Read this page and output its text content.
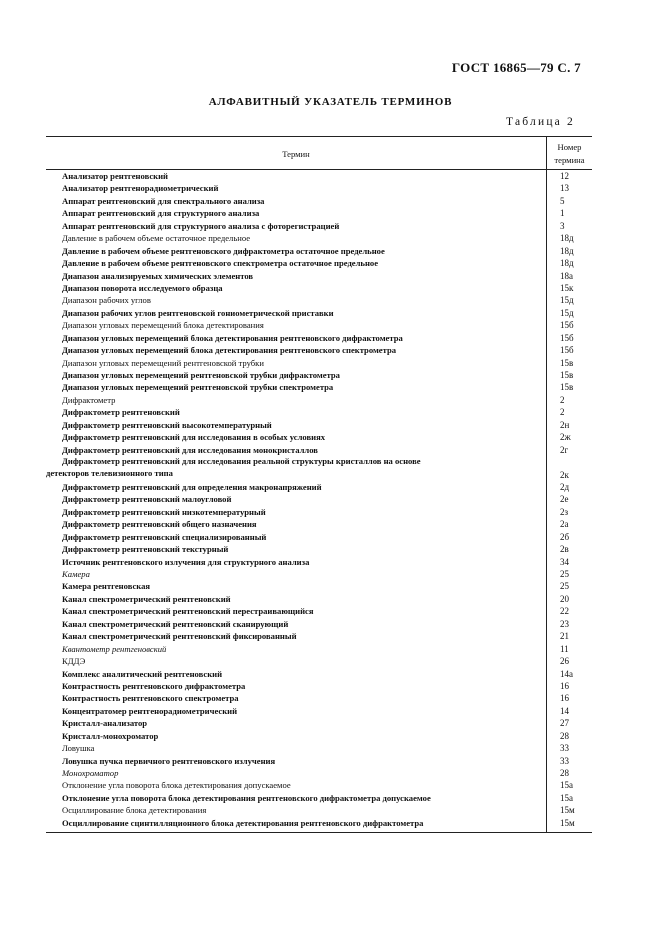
ГОСТ 16865—79 С. 7
АЛФАВИТНЫЙ УКАЗАТЕЛЬ ТЕРМИНОВ
Таблица 2
Термин
Номер
термина
Анализатор рентгеновский	12
Анализатор рентгенорадиометрический	13
Аппарат рентгеновский для спектрального анализа	5
Аппарат рентгеновский для структурного анализа	1
Аппарат рентгеновский для структурного анализа с фоторегистрацией	3
Давление в рабочем объеме остаточное предельное	18д
Давление в рабочем объеме рентгеновского дифрактометра остаточное предельное	18д
Давление в рабочем объеме рентгеновского спектрометра остаточное предельное	18д
Диапазон анализируемых химических элементов	18а
Диапазон поворота исследуемого образца	15к
Диапазон рабочих углов	15д
Диапазон рабочих углов рентгеновской гониометрической приставки	15д
Диапазон угловых перемещений блока детектирования	15б
Диапазон угловых перемещений блока детектирования рентгеновского дифрактометра	15б
Диапазон угловых перемещений блока детектирования рентгеновского спектрометра	15б
Диапазон угловых перемещений рентгеновской трубки	15в
Диапазон угловых перемещений рентгеновской трубки дифрактометра	15в
Диапазон угловых перемещений рентгеновской трубки спектрометра	15в
Дифрактометр	2
Дифрактометр рентгеновский	2
Дифрактометр рентгеновский высокотемпературный	2н
Дифрактометр рентгеновский для исследования в особых условиях	2ж
Дифрактометр рентгеновский для исследования монокристаллов	2г
Дифрактометр рентгеновский для исследования реальной структуры кристаллов на основе
детекторов телевизионного типа	2к
Дифрактометр рентгеновский для определения макронапряжений	2д
Дифрактометр рентгеновский малоугловой	2е
Дифрактометр рентгеновский низкотемпературный	2з
Дифрактометр рентгеновский общего назначения	2а
Дифрактометр рентгеновский специализированный	2б
Дифрактометр рентгеновский текстурный	2в
Источник рентгеновского излучения для структурного анализа	34
Камера	25
Камера рентгеновская	25
Канал спектрометрический рентгеновский	20
Канал спектрометрический рентгеновский перестраивающийся	22
Канал спектрометрический рентгеновский сканирующий	23
Канал спектрометрический рентгеновский фиксированный	21
Квантометр рентгеновский	11
КДДЭ	26
Комплекс аналитический рентгеновский	14а
Контрастность рентгеновского дифрактометра	16
Контрастность рентгеновского спектрометра	16
Концентратомер рентгенорадиометрический	14
Кристалл-анализатор	27
Кристалл-монохроматор	28
Ловушка	33
Ловушка пучка первичного рентгеновского излучения	33
Монохроматор	28
Отклонение угла поворота блока детектирования допускаемое	15а
Отклонение угла поворота блока детектирования рентгеновского дифрактометра допускаемое	15а
Осциллирование блока детектирования	15м
Осциллирование сцинтилляционного блока детектирования рентгеновского дифрактометра	15м
